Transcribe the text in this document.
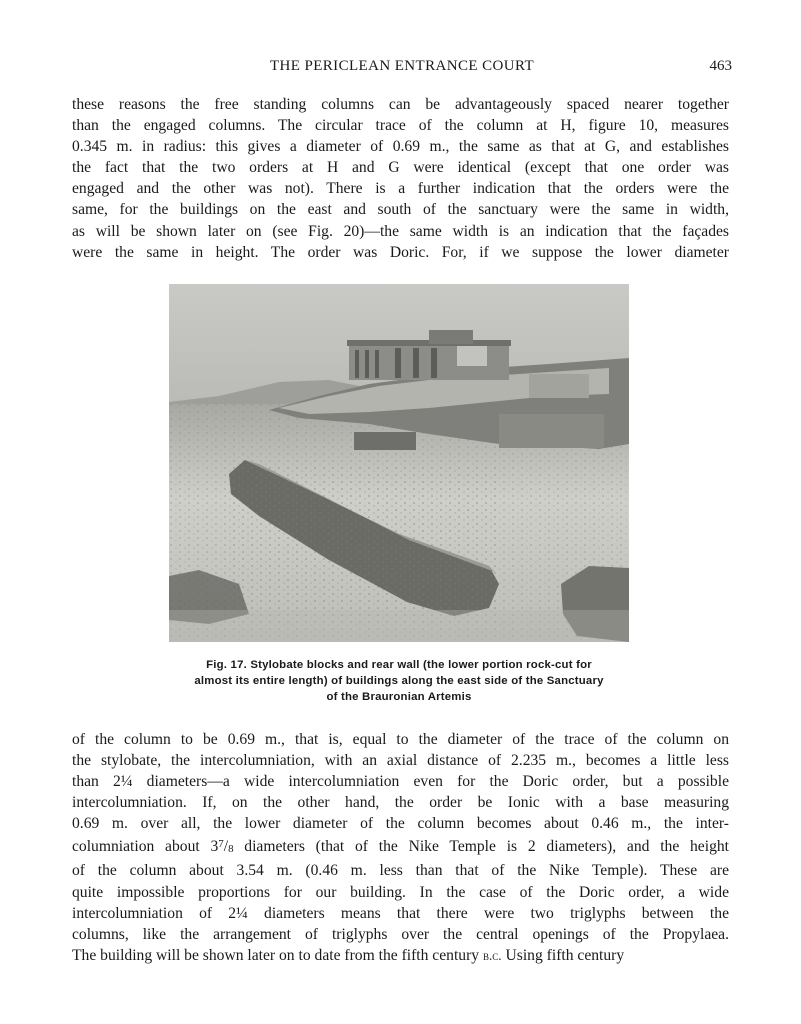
THE PERICLEAN ENTRANCE COURT	463

these reasons the free standing columns can be advantageously spaced nearer together
than the engaged columns. The circular trace of the column at H, figure 10, measures
0.345 m. in radius: this gives a diameter of 0.69 m., the same as that at G, and establishes
the fact that the two orders at H and G were identical (except that one order was
engaged and the other was not). There is a further indication that the orders were the
same, for the buildings on the east and south of the sanctuary were the same in width,
as will be shown later on (see Fig. 20)—the same width is an indication that the façades
were the same in height. The order was Doric. For, if we suppose the lower diameter

Fig. 17. Stylobate blocks and rear wall (the lower portion rock-cut for
almost its entire length) of buildings along the east side of the Sanctuary
of the Brauronian Artemis

of the column to be 0.69 m., that is, equal to the diameter of the trace of the column on
the stylobate, the intercolumniation, with an axial distance of 2.235 m., becomes a little less
than 2¼ diameters—a wide intercolumniation even for the Doric order, but a possible
intercolumniation. If, on the other hand, the order be Ionic with a base measuring
0.69 m. over all, the lower diameter of the column becomes about 0.46 m., the inter-
columniation about $3^7/8$ diameters (that of the Nike Temple is 2 diameters), and the height
of the column about 3.54 m. (0.46 m. less than that of the Nike Temple). These are
quite impossible proportions for our building. In the case of the Doric order, a wide
intercolumniation of 2¼ diameters means that there were two triglyphs between the
columns, like the arrangement of triglyphs over the central openings of the Propylaea.
The building will be shown later on to date from the fifth century b.c. Using fifth century
